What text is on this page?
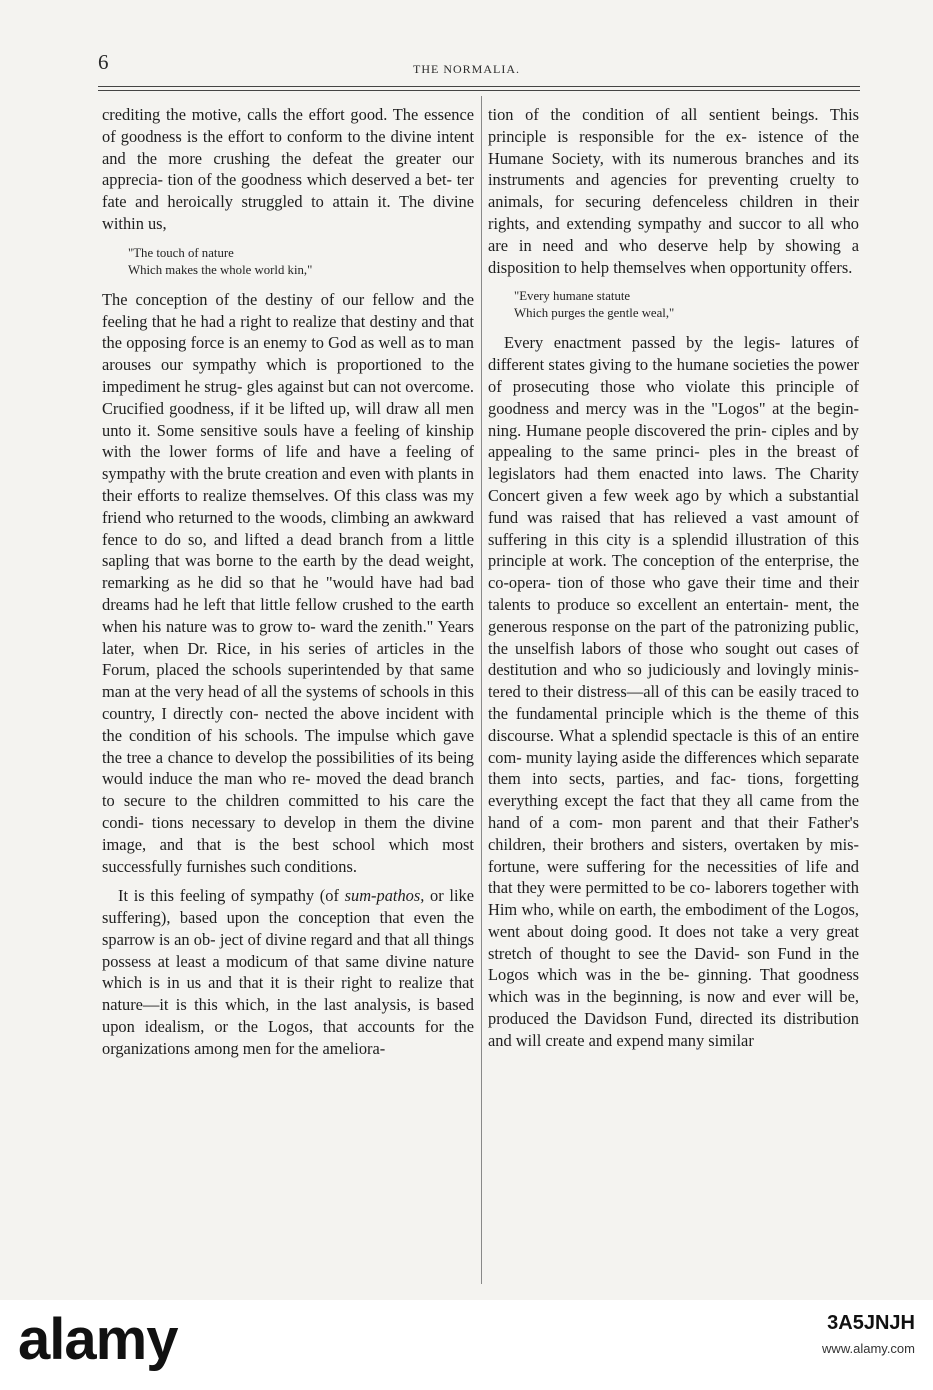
6	THE NORMALIA.

crediting the motive, calls the effort good. The essence of goodness is the effort to conform to the divine intent and the more crushing the defeat the greater our apprecia- tion of the goodness which deserved a bet- ter fate and heroically struggled to attain it. The divine within us,

"The touch of nature
Which makes the whole world kin,"

The conception of the destiny of our fellow and the feeling that he had a right to realize that destiny and that the opposing force is an enemy to God as well as to man arouses our sympathy which is proportioned to the impediment he strug- gles against but can not overcome. Crucified goodness, if it be lifted up, will draw all men unto it. Some sensitive souls have a feeling of kinship with the lower forms of life and have a feeling of sympathy with the brute creation and even with plants in their efforts to realize themselves. Of this class was my friend who returned to the woods, climbing an awkward fence to do so, and lifted a dead branch from a little sapling that was borne to the earth by the dead weight, remarking as he did so that he "would have had bad dreams had he left that little fellow crushed to the earth when his nature was to grow to- ward the zenith." Years later, when Dr. Rice, in his series of articles in the Forum, placed the schools superintended by that same man at the very head of all the systems of schools in this country, I directly con- nected the above incident with the condition of his schools. The impulse which gave the tree a chance to develop the possibilities of its being would induce the man who re- moved the dead branch to secure to the children committed to his care the condi- tions necessary to develop in them the divine image, and that is the best school which most successfully furnishes such conditions.

It is this feeling of sympathy (of sum-pathos, or like suffering), based upon the conception that even the sparrow is an ob- ject of divine regard and that all things possess at least a modicum of that same divine nature which is in us and that it is their right to realize that nature—it is this which, in the last analysis, is based upon idealism, or the Logos, that accounts for the organizations among men for the ameliora-

tion of the condition of all sentient beings. This principle is responsible for the ex- istence of the Humane Society, with its numerous branches and its instruments and agencies for preventing cruelty to animals, for securing defenceless children in their rights, and extending sympathy and succor to all who are in need and who deserve help by showing a disposition to help themselves when opportunity offers.

"Every humane statute
Which purges the gentle weal,"

Every enactment passed by the legis- latures of different states giving to the humane societies the power of prosecuting those who violate this principle of goodness and mercy was in the "Logos" at the begin- ning. Humane people discovered the prin- ciples and by appealing to the same princi- ples in the breast of legislators had them enacted into laws. The Charity Concert given a few week ago by which a substantial fund was raised that has relieved a vast amount of suffering in this city is a splendid illustration of this principle at work. The conception of the enterprise, the co-opera- tion of those who gave their time and their talents to produce so excellent an entertain- ment, the generous response on the part of the patronizing public, the unselfish labors of those who sought out cases of destitution and who so judiciously and lovingly minis- tered to their distress—all of this can be easily traced to the fundamental principle which is the theme of this discourse. What a splendid spectacle is this of an entire com- munity laying aside the differences which separate them into sects, parties, and fac- tions, forgetting everything except the fact that they all came from the hand of a com- mon parent and that their Father's children, their brothers and sisters, overtaken by mis- fortune, were suffering for the necessities of life and that they were permitted to be co- laborers together with Him who, while on earth, the embodiment of the Logos, went about doing good. It does not take a very great stretch of thought to see the David- son Fund in the Logos which was in the be- ginning. That goodness which was in the beginning, is now and ever will be, produced the Davidson Fund, directed its distribution and will create and expend many similar

alamy	3A5JNJH
www.alamy.com
